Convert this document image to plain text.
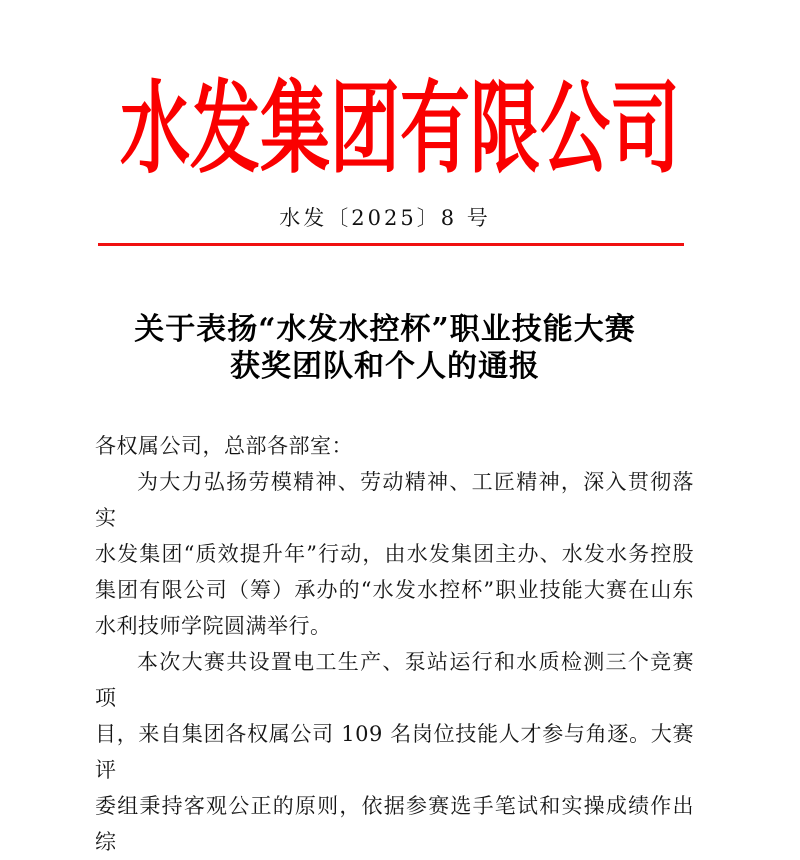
水发集团有限公司
水发〔2025〕8 号
关于表扬“水发水控杯”职业技能大赛
获奖团队和个人的通报
各权属公司，总部各部室：
为大力弘扬劳模精神、劳动精神、工匠精神，深入贯彻落实
水发集团“质效提升年”行动，由水发集团主办、水发水务控股
集团有限公司（筹）承办的“水发水控杯”职业技能大赛在山东
水利技师学院圆满举行。
本次大赛共设置电工生产、泵站运行和水质检测三个竞赛项
目，来自集团各权属公司 109 名岗位技能人才参与角逐。大赛评
委组秉持客观公正的原则，依据参赛选手笔试和实操成绩作出综
